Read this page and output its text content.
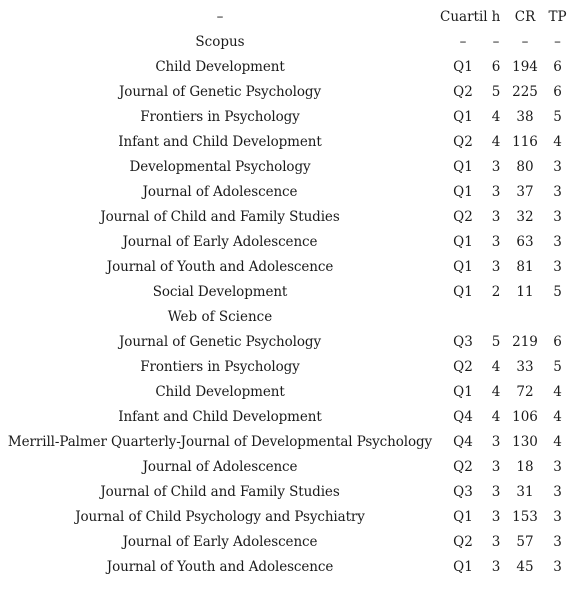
–	Cuartil	h	CR	TP
Scopus	–	–	–	–
Child Development	Q1	6	194	6
Journal of Genetic Psychology	Q2	5	225	6
Frontiers in Psychology	Q1	4	38	5
Infant and Child Development	Q2	4	116	4
Developmental Psychology	Q1	3	80	3
Journal of Adolescence	Q1	3	37	3
Journal of Child and Family Studies	Q2	3	32	3
Journal of Early Adolescence	Q1	3	63	3
Journal of Youth and Adolescence	Q1	3	81	3
Social Development	Q1	2	11	5
Web of Science				
Journal of Genetic Psychology	Q3	5	219	6
Frontiers in Psychology	Q2	4	33	5
Child Development	Q1	4	72	4
Infant and Child Development	Q4	4	106	4
Merrill-Palmer Quarterly-Journal of Developmental Psychology	Q4	3	130	4
Journal of Adolescence	Q2	3	18	3
Journal of Child and Family Studies	Q3	3	31	3
Journal of Child Psychology and Psychiatry	Q1	3	153	3
Journal of Early Adolescence	Q2	3	57	3
Journal of Youth and Adolescence	Q1	3	45	3
